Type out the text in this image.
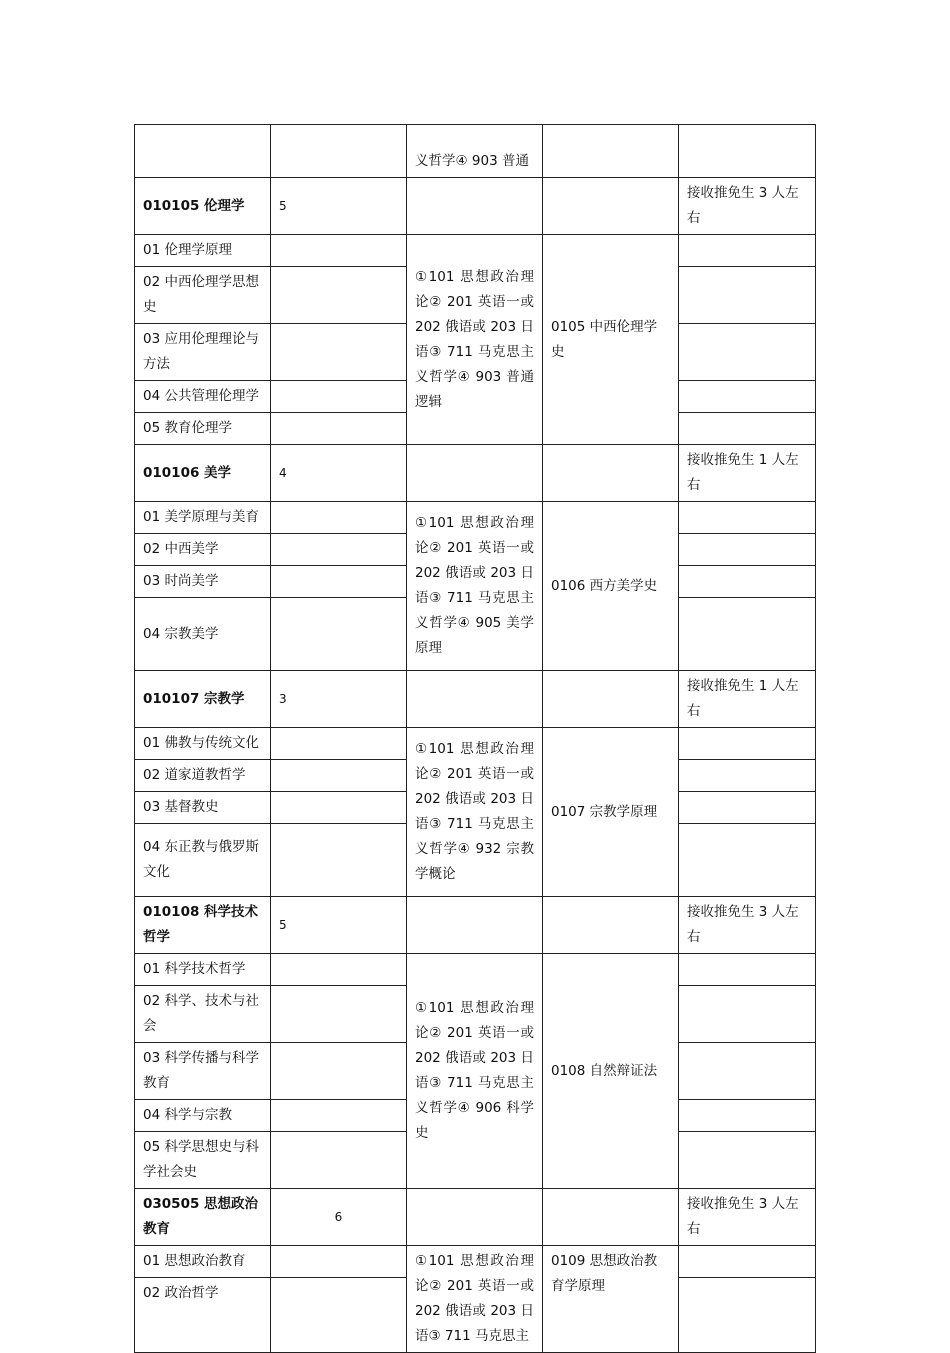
		义哲学④ 903 普通		
010105 伦理学	5			接收推免生 3 人左右
01 伦理学原理		①101 思想政治理论② 201 英语一或 202 俄语或 203 日语③ 711 马克思主义哲学④ 903 普通逻辑	0105 中西伦理学史	
02 中西伦理学思想史				
03 应用伦理理论与方法				
04 公共管理伦理学				
05 教育伦理学				
010106 美学	4			接收推免生 1 人左右
01 美学原理与美育		①101 思想政治理论② 201 英语一或 202 俄语或 203 日语③ 711 马克思主义哲学④ 905 美学原理	0106 西方美学史	
02 中西美学				
03 时尚美学				
04 宗教美学				
010107 宗教学	3			接收推免生 1 人左右
01 佛教与传统文化		①101 思想政治理论② 201 英语一或 202 俄语或 203 日语③ 711 马克思主义哲学④ 932 宗教学概论	0107 宗教学原理	
02 道家道教哲学				
03 基督教史				
04 东正教与俄罗斯文化				
010108 科学技术哲学	5			接收推免生 3 人左右
01 科学技术哲学		①101 思想政治理论② 201 英语一或 202 俄语或 203 日语③ 711 马克思主义哲学④ 906 科学史	0108 自然辩证法	
02 科学、技术与社会				
03 科学传播与科学教育				
04 科学与宗教				
05 科学思想史与科学社会史				
030505 思想政治教育	6			接收推免生 3 人左右
01 思想政治教育		①101 思想政治理论② 201 英语一或 202 俄语或 203 日语③ 711 马克思主	0109 思想政治教育学原理	
02 政治哲学				
